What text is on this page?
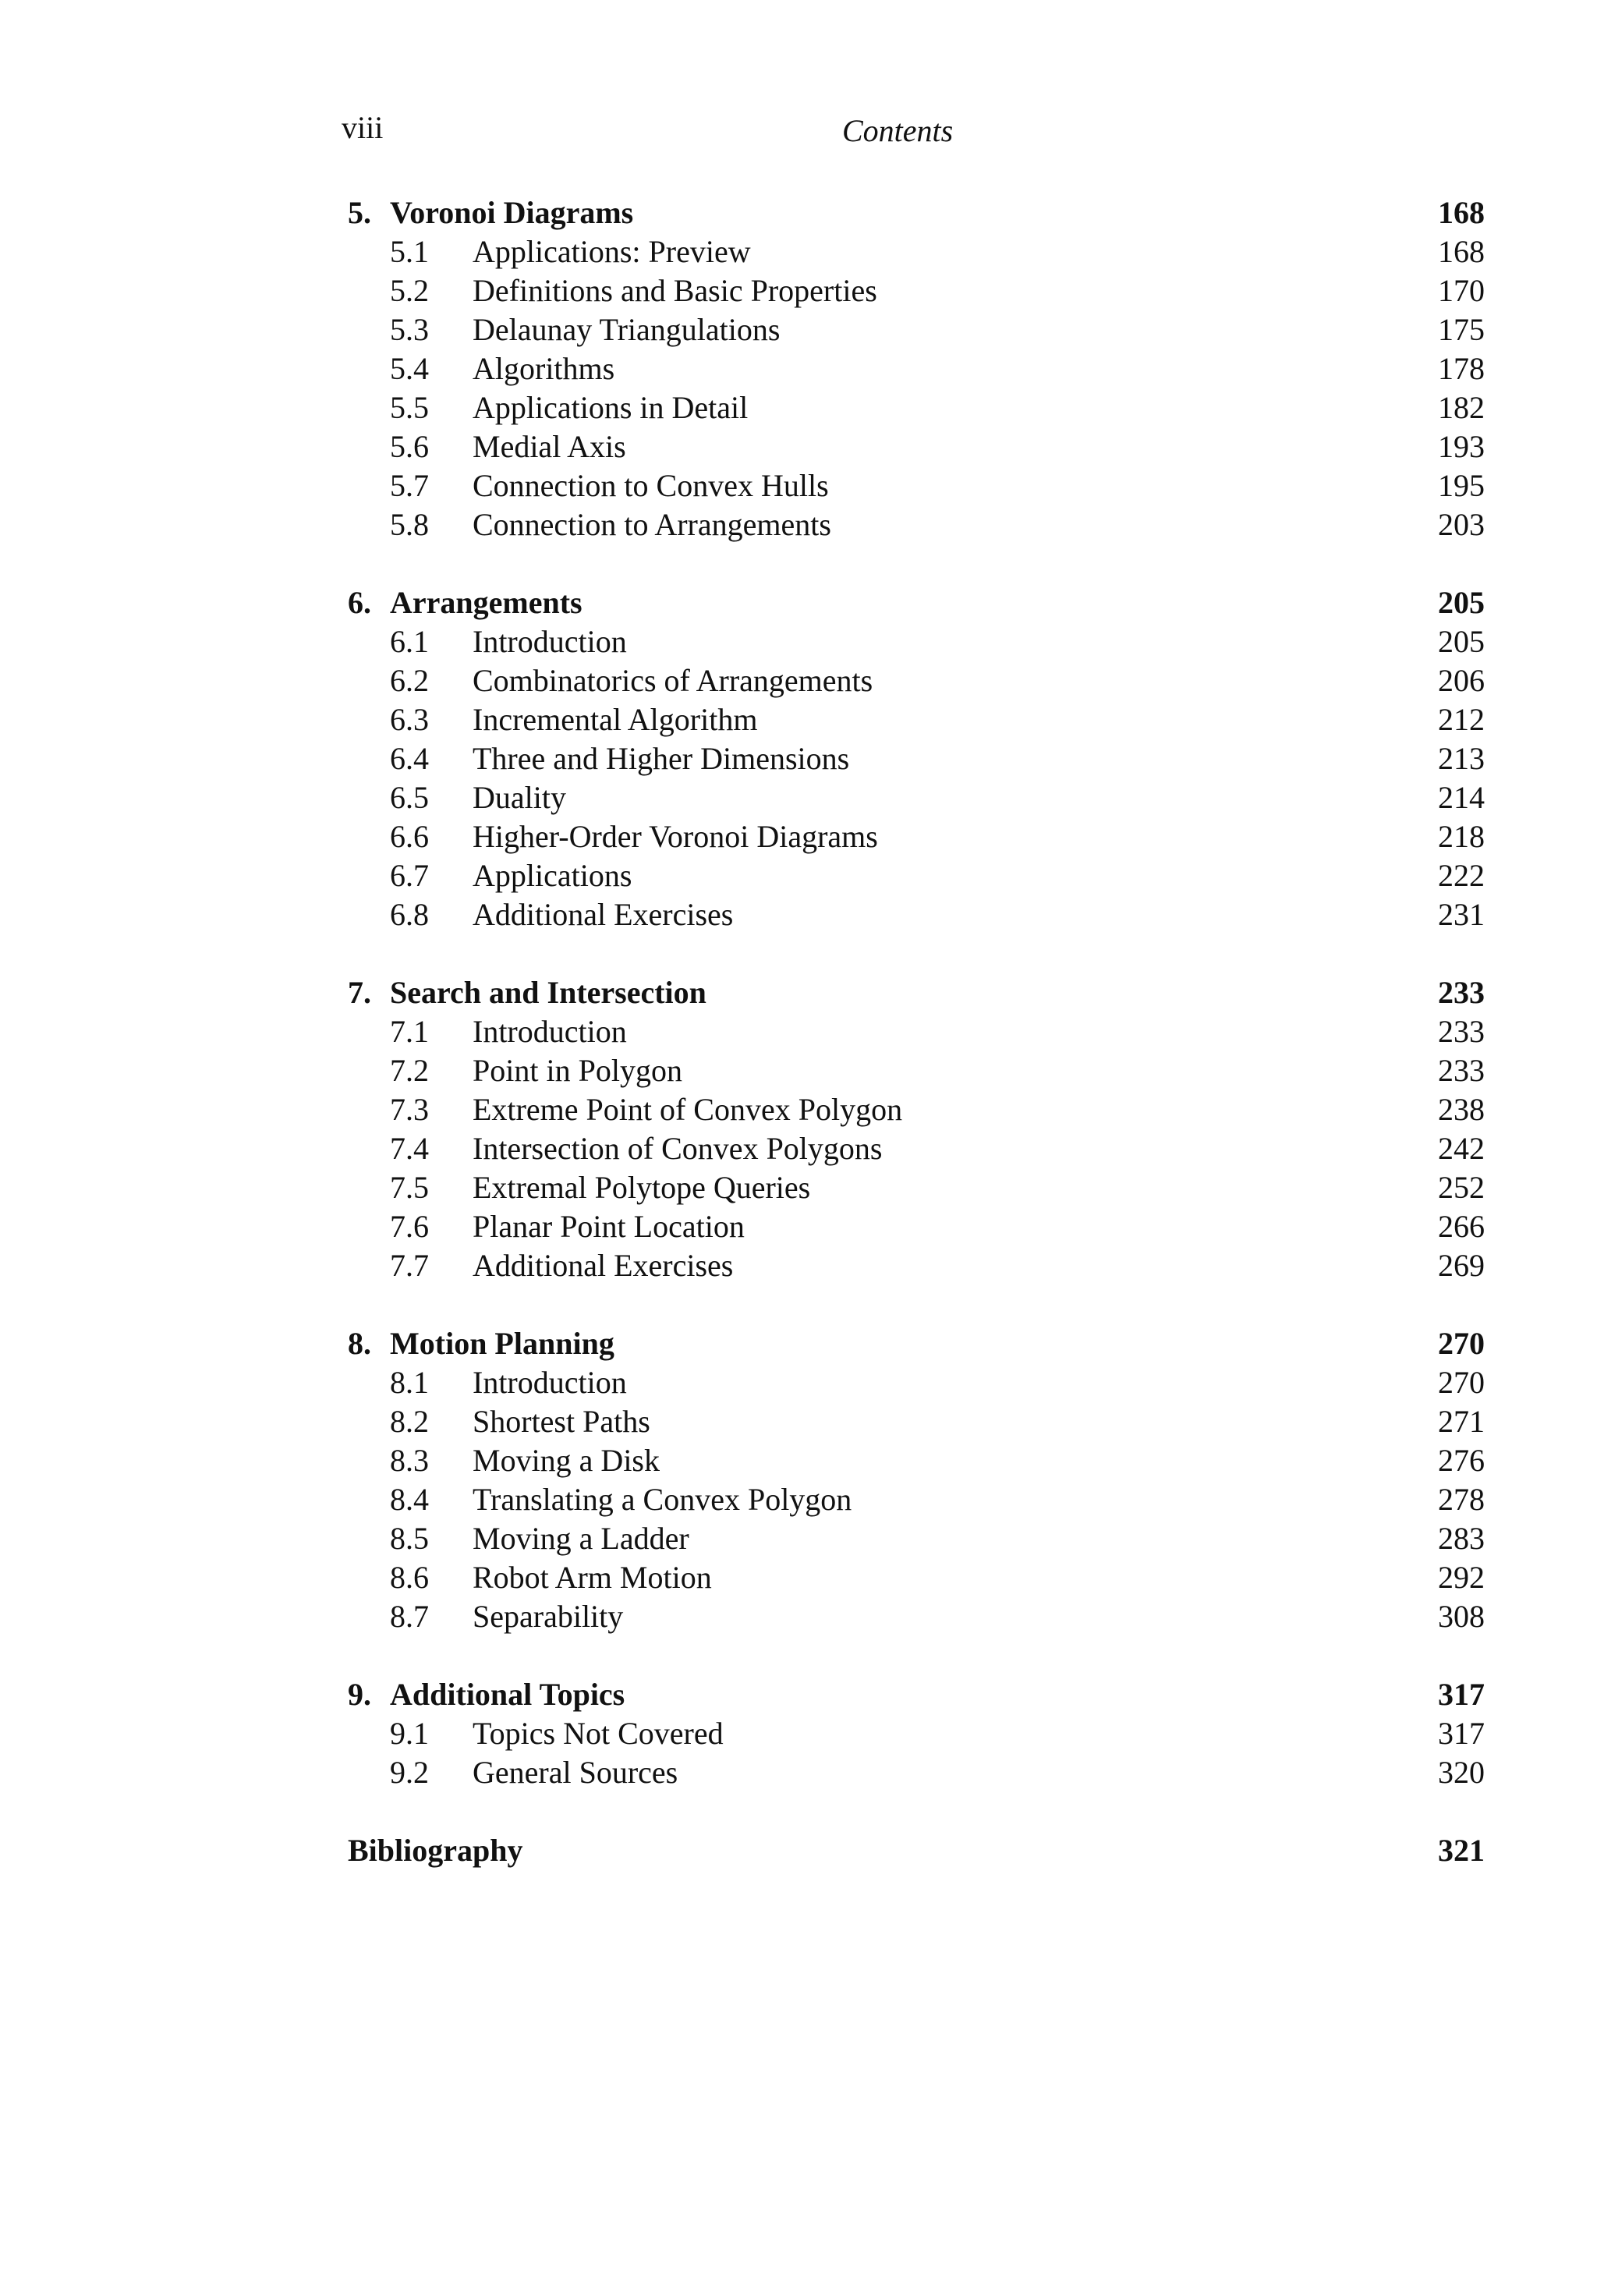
viii	Contents
5. Voronoi Diagrams	168
5.1 Applications: Preview	168
5.2 Definitions and Basic Properties	170
5.3 Delaunay Triangulations	175
5.4 Algorithms	178
5.5 Applications in Detail	182
5.6 Medial Axis	193
5.7 Connection to Convex Hulls	195
5.8 Connection to Arrangements	203
6. Arrangements	205
6.1 Introduction	205
6.2 Combinatorics of Arrangements	206
6.3 Incremental Algorithm	212
6.4 Three and Higher Dimensions	213
6.5 Duality	214
6.6 Higher-Order Voronoi Diagrams	218
6.7 Applications	222
6.8 Additional Exercises	231
7. Search and Intersection	233
7.1 Introduction	233
7.2 Point in Polygon	233
7.3 Extreme Point of Convex Polygon	238
7.4 Intersection of Convex Polygons	242
7.5 Extremal Polytope Queries	252
7.6 Planar Point Location	266
7.7 Additional Exercises	269
8. Motion Planning	270
8.1 Introduction	270
8.2 Shortest Paths	271
8.3 Moving a Disk	276
8.4 Translating a Convex Polygon	278
8.5 Moving a Ladder	283
8.6 Robot Arm Motion	292
8.7 Separability	308
9. Additional Topics	317
9.1 Topics Not Covered	317
9.2 General Sources	320
Bibliography	321
